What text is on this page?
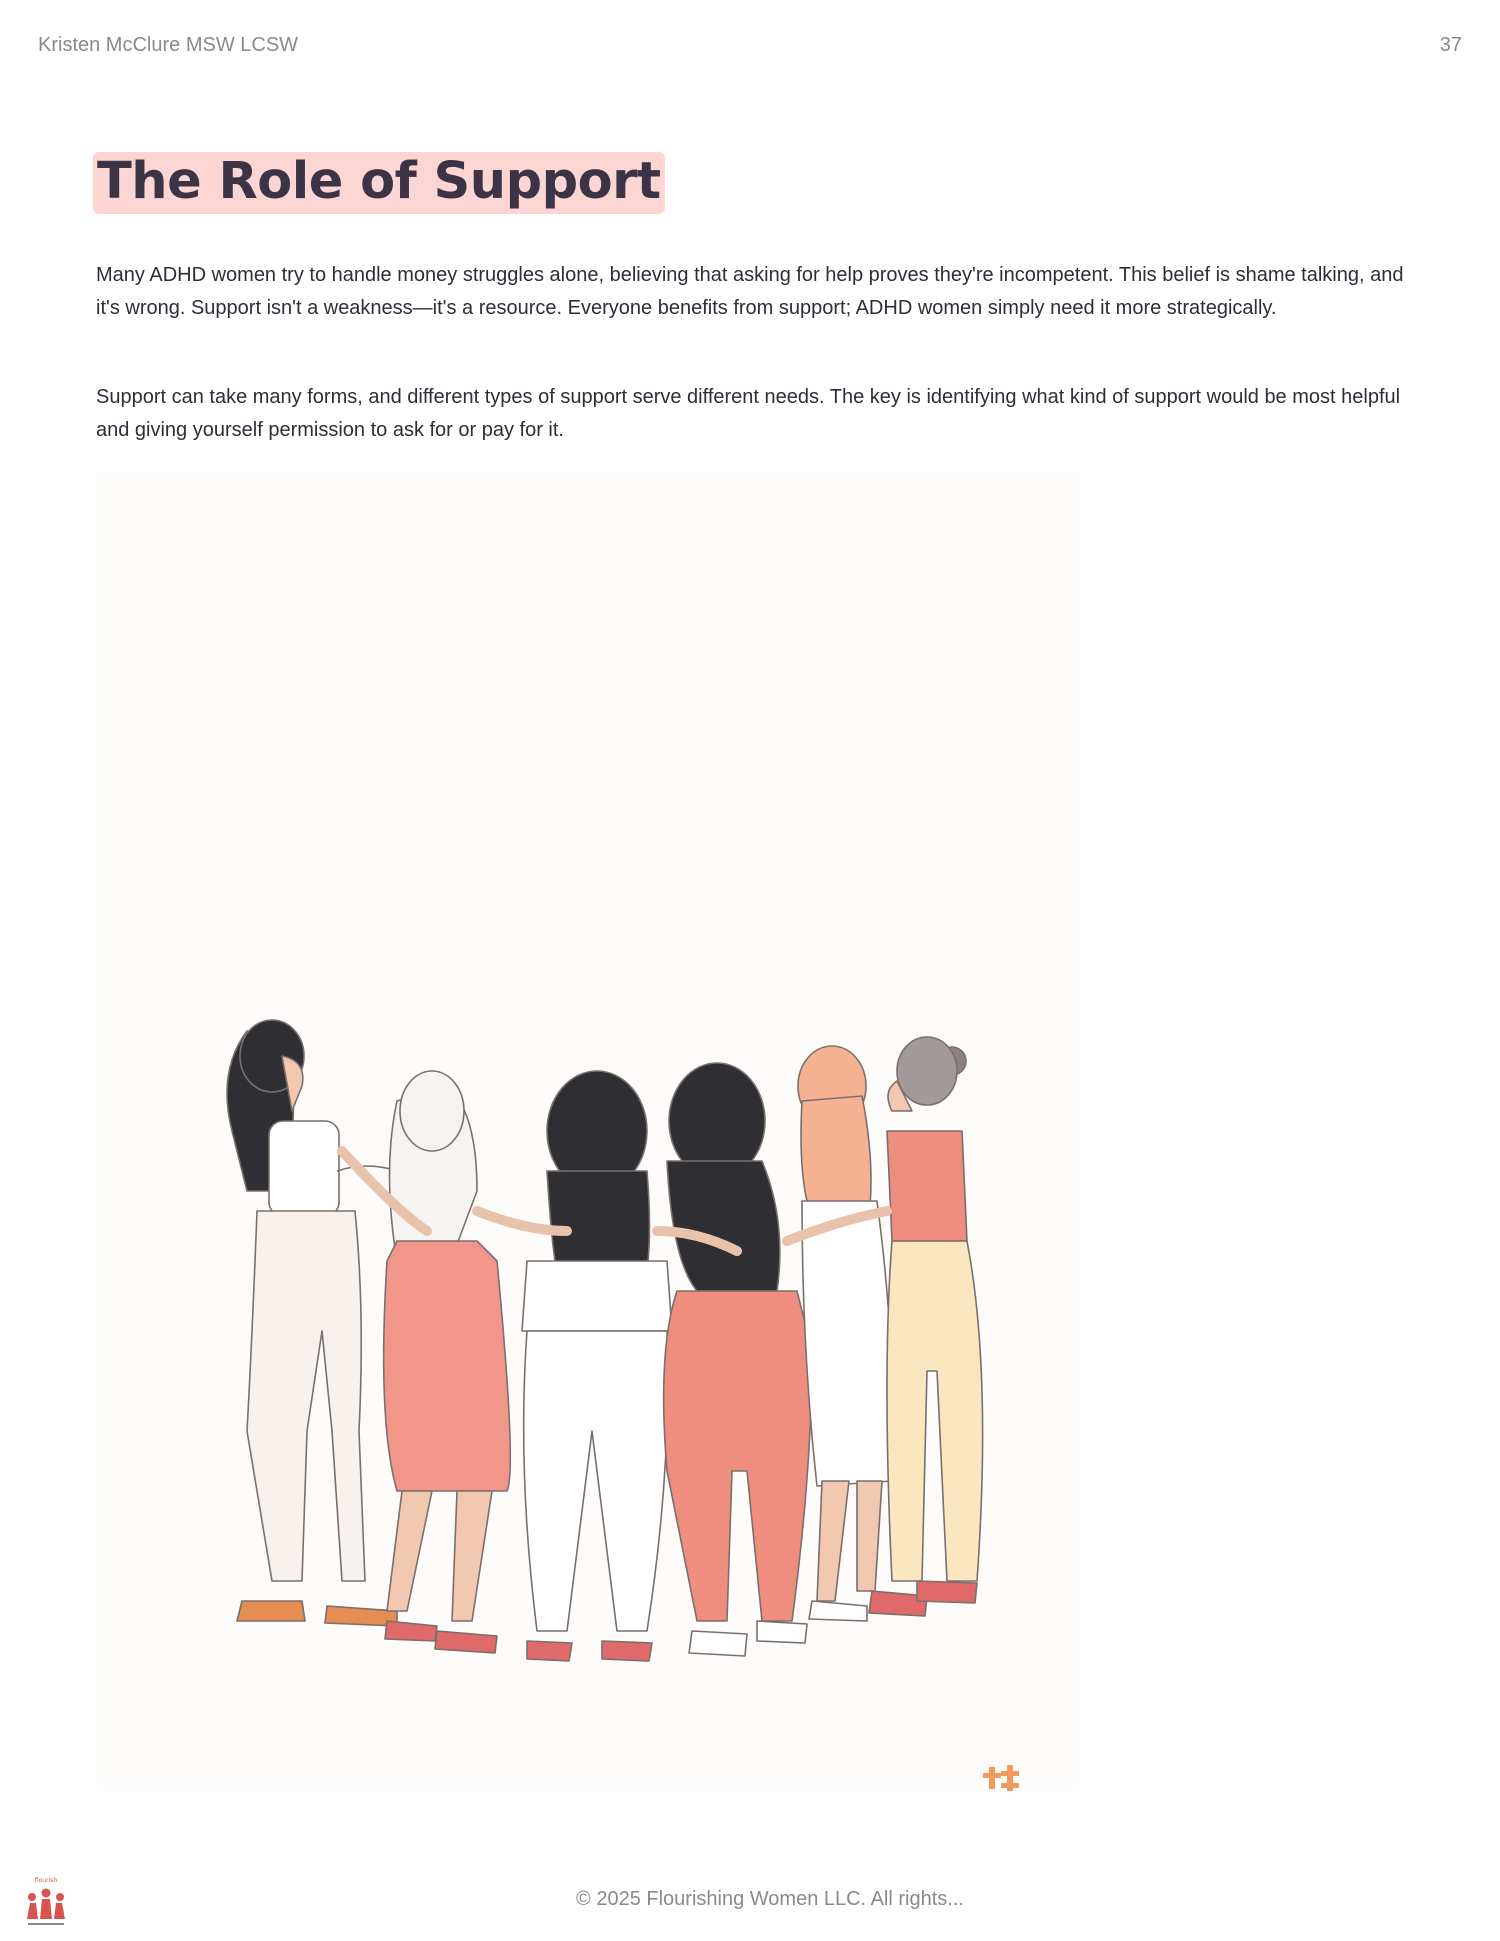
Kristen McClure MSW LCSW	37
The Role of Support
Many ADHD women try to handle money struggles alone, believing that asking for help proves they're incompetent. This belief is shame talking, and it's wrong. Support isn't a weakness—it's a resource. Everyone benefits from support; ADHD women simply need it more strategically.
Support can take many forms, and different types of support serve different needs. The key is identifying what kind of support would be most helpful and giving yourself permission to ask for or pay for it.
flourish
© 2025 Flourishing Women LLC. All rights...
